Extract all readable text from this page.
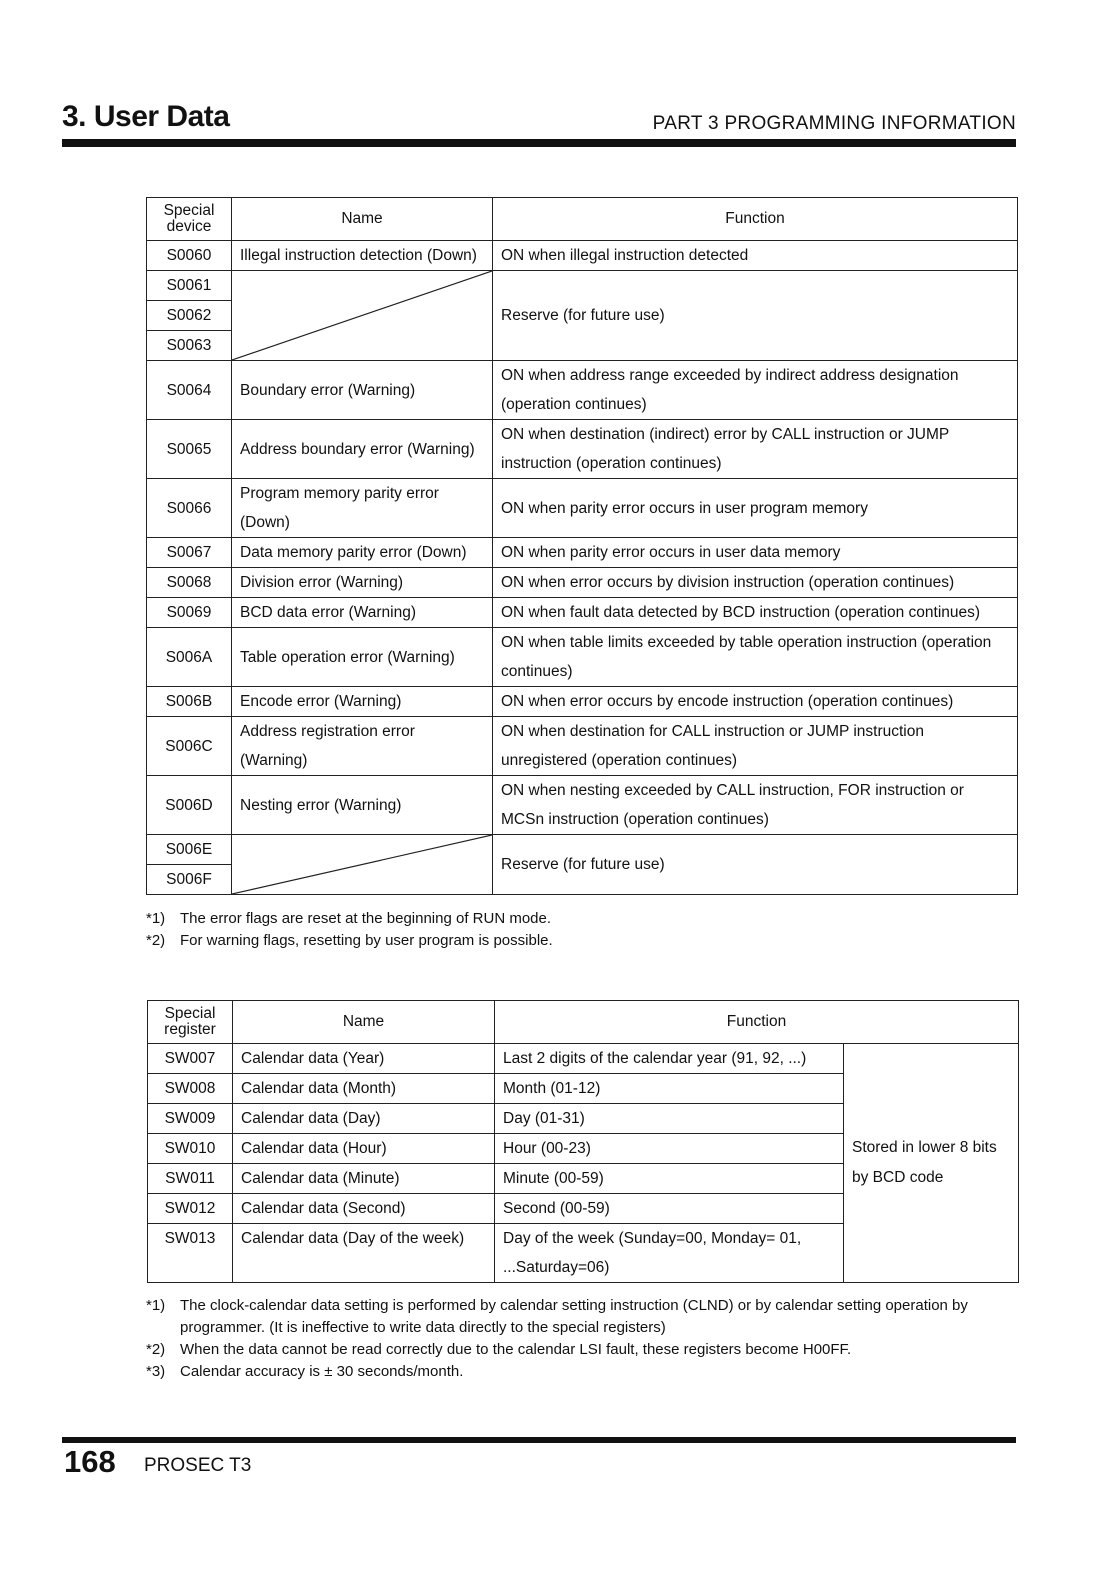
3. User Data	PART 3 PROGRAMMING INFORMATION
Special device	Name	Function
S0060	Illegal instruction detection (Down)	ON when illegal instruction detected
S0061		Reserve (for future use)
S0062		
S0063		
S0064	Boundary error (Warning)	ON when address range exceeded by indirect address designation (operation continues)
S0065	Address boundary error (Warning)	ON when destination (indirect) error by CALL instruction or JUMP instruction (operation continues)
S0066	Program memory parity error (Down)	ON when parity error occurs in user program memory
S0067	Data memory parity error (Down)	ON when parity error occurs in user data memory
S0068	Division error (Warning)	ON when error occurs by division instruction (operation continues)
S0069	BCD data error (Warning)	ON when fault data detected by BCD instruction (operation continues)
S006A	Table operation error (Warning)	ON when table limits exceeded by table operation instruction (operation continues)
S006B	Encode error (Warning)	ON when error occurs by encode instruction (operation continues)
S006C	Address registration error (Warning)	ON when destination for CALL instruction or JUMP instruction unregistered (operation continues)
S006D	Nesting error (Warning)	ON when nesting exceeded by CALL instruction, FOR instruction or MCSn instruction (operation continues)
S006E		Reserve (for future use)
S006F		
*1) The error flags are reset at the beginning of RUN mode.
*2) For warning flags, resetting by user program is possible.
Special register	Name	Function	
SW007	Calendar data (Year)	Last 2 digits of the calendar year (91, 92, ...)	Stored in lower 8 bits by BCD code
SW008	Calendar data (Month)	Month (01-12)	
SW009	Calendar data (Day)	Day (01-31)	
SW010	Calendar data (Hour)	Hour (00-23)	
SW011	Calendar data (Minute)	Minute (00-59)	
SW012	Calendar data (Second)	Second (00-59)	
SW013	Calendar data (Day of the week)	Day of the week (Sunday=00, Monday= 01, ...Saturday=06)	
*1) The clock-calendar data setting is performed by calendar setting instruction (CLND) or by calendar setting operation by programmer. (It is ineffective to write data directly to the special registers)
*2) When the data cannot be read correctly due to the calendar LSI fault, these registers become H00FF.
*3) Calendar accuracy is ± 30 seconds/month.
168 PROSEC T3
